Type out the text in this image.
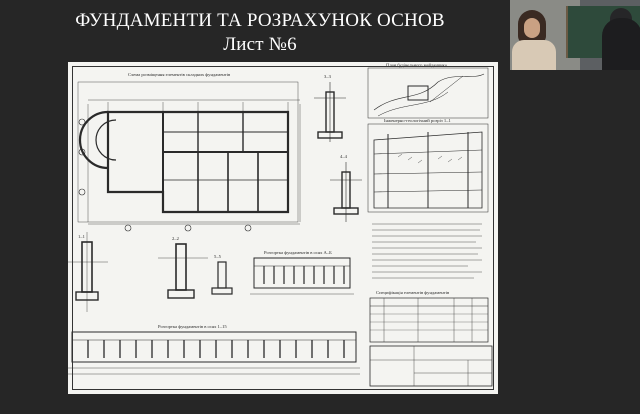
ФУНДАМЕНТИ ТА РОЗРАХУНОК ОСНОВ
Лист №6
Схема розміщення елементів складних фундаментів
1–1	2–2
3–3
4–4
5–5
Розгортка фундаментів в осях А–Б
Розгортка фундаментів в осях 1–15
План будівельного майданчика
Інженерно-геологічний розріз 1–1
Специфікація елементів фундаментів
